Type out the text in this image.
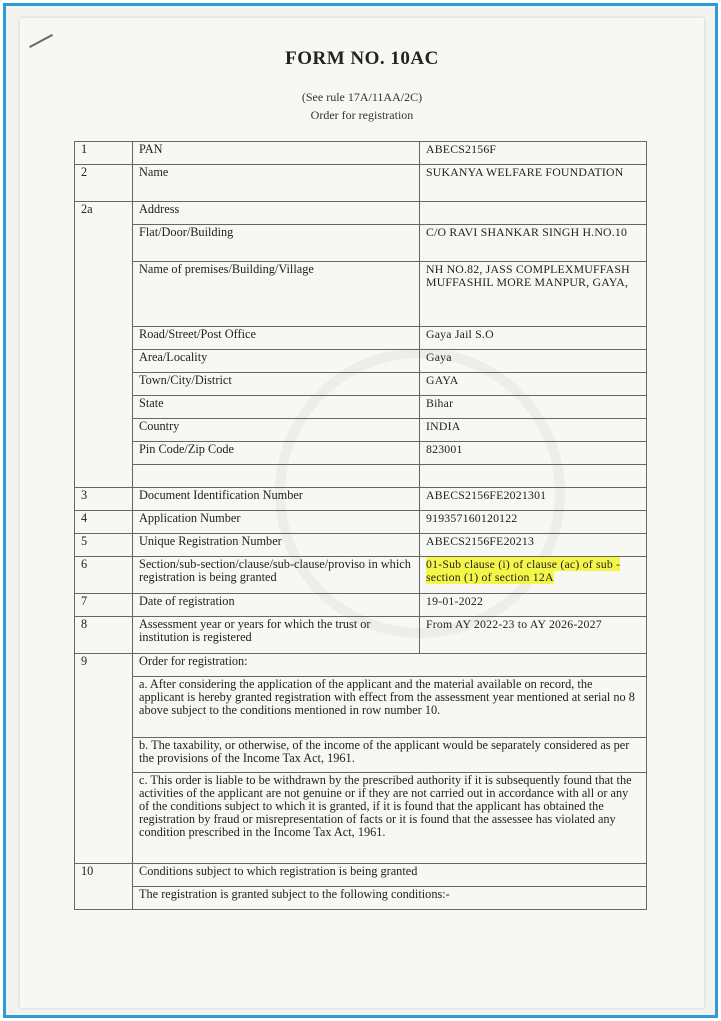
FORM NO. 10AC
(See rule 17A/11AA/2C)
Order for registration
1	PAN	ABECS2156F
2	Name	SUKANYA WELFARE FOUNDATION
2a	Address	
	Flat/Door/Building	C/O RAVI SHANKAR SINGH H.NO.10
	Name of premises/Building/Village	NH NO.82, JASS COMPLEXMUFFASH MUFFASHIL MORE MANPUR, GAYA,
	Road/Street/Post Office	Gaya Jail S.O
	Area/Locality	Gaya
	Town/City/District	GAYA
	State	Bihar
	Country	INDIA
	Pin Code/Zip Code	823001

3	Document Identification Number	ABECS2156FE2021301
4	Application Number	919357160120122
5	Unique Registration Number	ABECS2156FE20213
6	Section/sub-section/clause/sub-clause/proviso in which registration is being granted	01-Sub clause (i) of clause (ac) of sub -section (1) of section 12A
7	Date of registration	19-01-2022
8	Assessment year or years for which the trust or institution is registered	From AY 2022-23 to AY 2026-2027
9	Order for registration:	
	a. After considering the application of the applicant and the material available on record, the applicant is hereby granted registration with effect from the assessment year mentioned at serial no 8 above subject to the conditions mentioned in row number 10.	
	b. The taxability, or otherwise, of the income of the applicant would be separately considered as per the provisions of the Income Tax Act, 1961.	
	c. This order is liable to be withdrawn by the prescribed authority if it is subsequently found that the activities of the applicant are not genuine or if they are not carried out in accordance with all or any of the conditions subject to which it is granted, if it is found that the applicant has obtained the registration by fraud or misrepresentation of facts or it is found that the assessee has violated any condition prescribed in the Income Tax Act, 1961.	
10	Conditions subject to which registration is being granted	
	The registration is granted subject to the following conditions:-	
